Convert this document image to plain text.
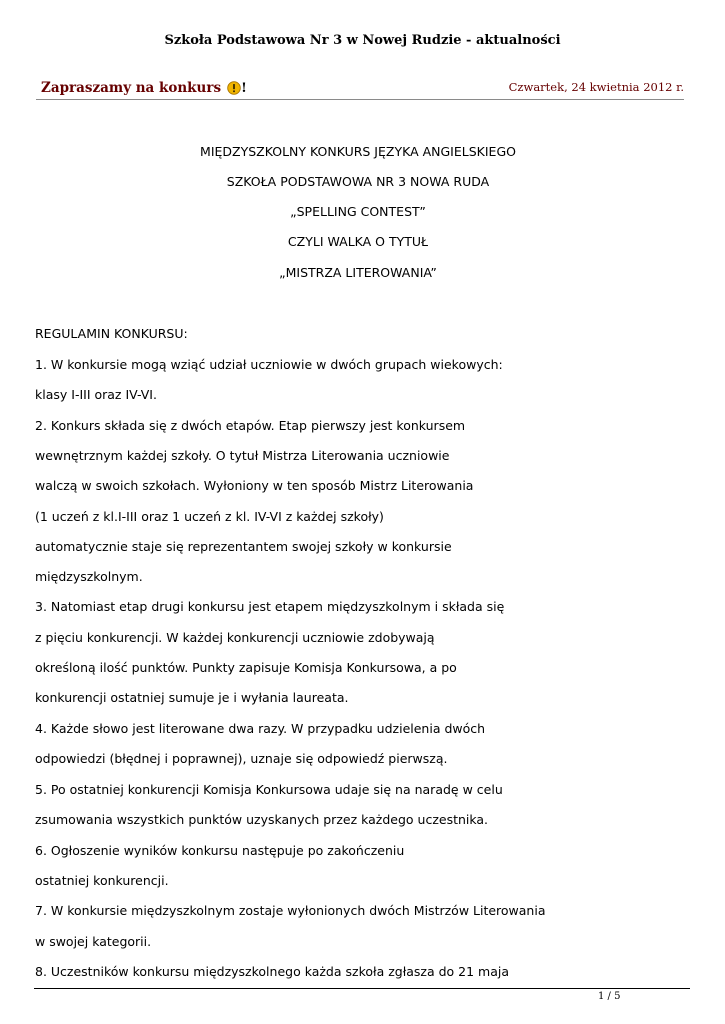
Szkoła Podstawowa Nr 3 w Nowej Rudzie - aktualności
Zapraszamy na konkurs !	Czwartek, 24 kwietnia 2012 r.
MIĘDZYSZKOLNY KONKURS JĘZYKA ANGIELSKIEGO
SZKOŁA PODSTAWOWA NR 3 NOWA RUDA
„SPELLING CONTEST”
CZYLI WALKA O TYTUŁ
„MISTRZA LITEROWANIA”
REGULAMIN KONKURSU:
1. W konkursie mogą wziąć udział uczniowie w dwóch grupach wiekowych:
klasy I-III oraz IV-VI.
2. Konkurs składa się z dwóch etapów. Etap pierwszy jest konkursem
wewnętrznym każdej szkoły. O tytuł Mistrza Literowania uczniowie
walczą w swoich szkołach. Wyłoniony w ten sposób Mistrz Literowania
(1 uczeń z kl.I-III oraz 1 uczeń z kl. IV-VI z każdej szkoły)
automatycznie staje się reprezentantem swojej szkoły w konkursie
międzyszkolnym.
3. Natomiast etap drugi konkursu jest etapem międzyszkolnym i składa się
z pięciu konkurencji. W każdej konkurencji uczniowie zdobywają
określoną ilość punktów. Punkty zapisuje Komisja Konkursowa, a po
konkurencji ostatniej sumuje je i wyłania laureata.
4. Każde słowo jest literowane dwa razy. W przypadku udzielenia dwóch
odpowiedzi (błędnej i poprawnej), uznaje się odpowiedź pierwszą.
5. Po ostatniej konkurencji Komisja Konkursowa udaje się na naradę w celu
zsumowania wszystkich punktów uzyskanych przez każdego uczestnika.
6. Ogłoszenie wyników konkursu następuje po zakończeniu
ostatniej konkurencji.
7. W konkursie międzyszkolnym zostaje wyłonionych dwóch Mistrzów Literowania
w swojej kategorii.
8. Uczestników konkursu międzyszkolnego każda szkoła zgłasza do 21 maja
1 / 5
